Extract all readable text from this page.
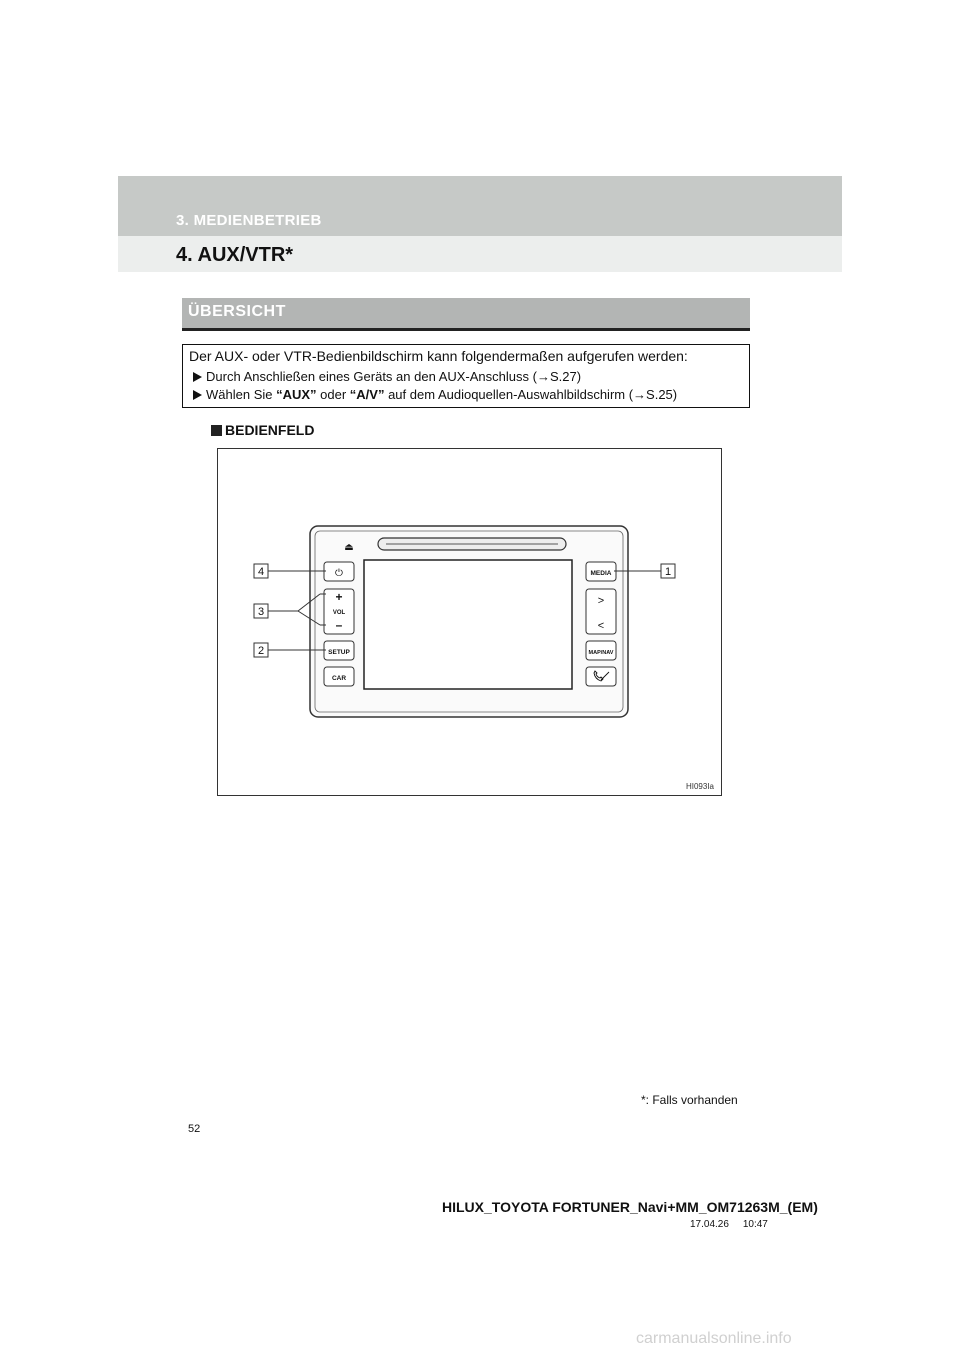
3. MEDIENBETRIEB
4. AUX/VTR*
ÜBERSICHT
Der AUX- oder VTR-Bedienbildschirm kann folgendermaßen aufgerufen werden:
Durch Anschließen eines Geräts an den AUX-Anschluss (→S.27)
Wählen Sie “AUX” oder “A/V” auf dem Audioquellen-Auswahlbildschirm (→S.25)
BEDIENFELD
⏏
⏻
+
VOL
–
SETUP
CAR
MEDIA
>
<
MAP/NAV
4
3
2
1
HI093Ia
*: Falls vorhanden
52
HILUX_TOYOTA FORTUNER_Navi+MM_OM71263M_(EM)
17.04.26     10:47
carmanualsonline.info
